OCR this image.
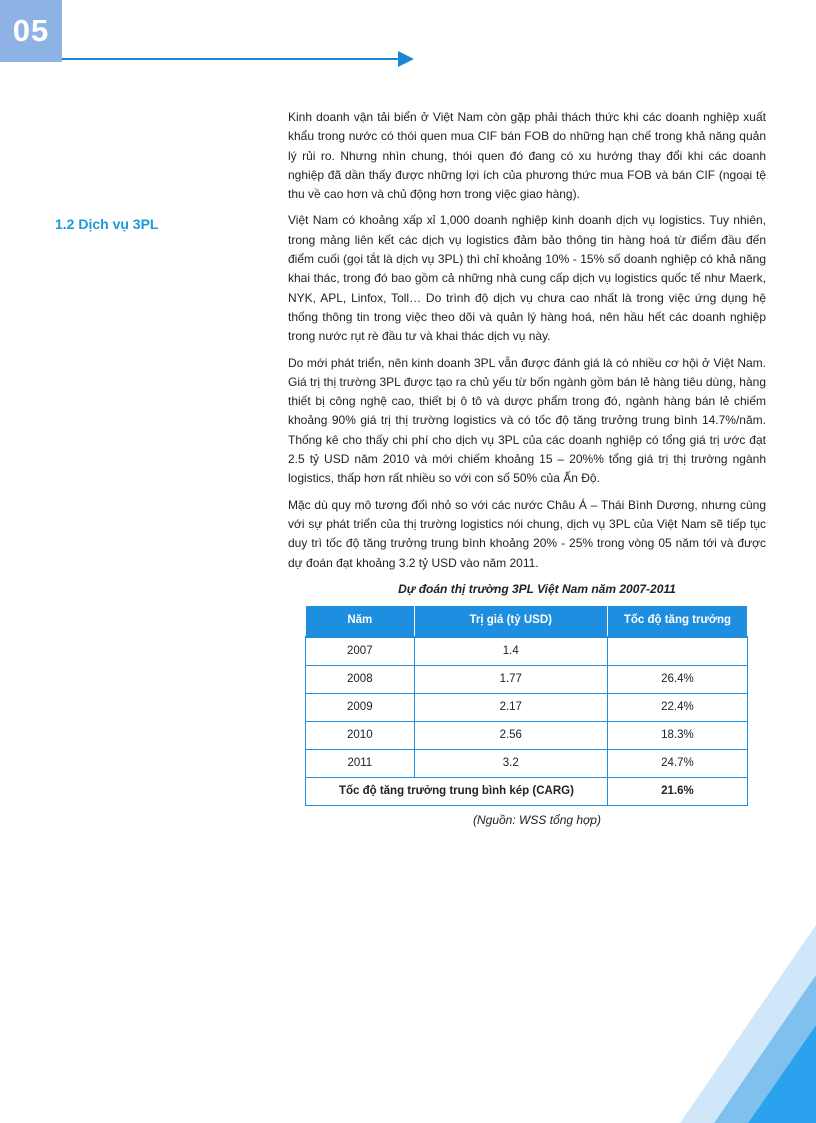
05
1.2 Dịch vụ 3PL

Kinh doanh vận tải biển ở Việt Nam còn gặp phải thách thức khi các doanh nghiệp xuất khẩu trong nước có thói quen mua CIF bán FOB do những hạn chế trong khả năng quản lý rủi ro. Nhưng nhìn chung, thói quen đó đang có xu hướng thay đổi khi các doanh nghiệp đã dần thấy được những lợi ích của phương thức mua FOB và bán CIF (ngoại tệ thu về cao hơn và chủ động hơn trong việc giao hàng).

Việt Nam có khoảng xấp xỉ 1,000 doanh nghiệp kinh doanh dịch vụ logistics. Tuy nhiên, trong mảng liên kết các dịch vụ logistics đảm bảo thông tin hàng hoá từ điểm đầu đến điểm cuối (gọi tắt là dịch vụ 3PL) thì chỉ khoảng 10% - 15% số doanh nghiệp có khả năng khai thác, trong đó bao gồm cả những nhà cung cấp dịch vụ logistics quốc tế như Maerk, NYK, APL, Linfox, Toll… Do trình độ dịch vụ chưa cao nhất là trong việc ứng dụng hệ thống thông tin trong việc theo dõi và quản lý hàng hoá, nên hầu hết các doanh nghiệp trong nước rụt rè đầu tư và khai thác dịch vụ này.

Do mới phát triển, nên kinh doanh 3PL vẫn được đánh giá là có nhiều cơ hội ở Việt Nam. Giá trị thị trường 3PL được tạo ra chủ yếu từ bốn ngành gồm bán lẻ hàng tiêu dùng, hàng thiết bị công nghệ cao, thiết bị ô tô và dược phẩm trong đó, ngành hàng bán lẻ chiếm khoảng 90% giá trị thị trường logistics và có tốc độ tăng trưởng trung bình 14.7%/năm. Thống kê cho thấy chi phí cho dịch vụ 3PL của các doanh nghiệp có tổng giá trị ước đạt 2.5 tỷ USD năm 2010 và mới chiếm khoảng 15 – 20%% tổng giá trị thị trường ngành logistics, thấp hơn rất nhiều so với con số 50% của Ấn Độ.

Mặc dù quy mô tương đối nhỏ so với các nước Châu Á – Thái Bình Dương, nhưng cùng với sự phát triển của thị trường logistics nói chung, dịch vụ 3PL của Việt Nam sẽ tiếp tục duy trì tốc độ tăng trưởng trung bình khoảng 20% - 25% trong vòng 05 năm tới và được dự đoán đạt khoảng 3.2 tỷ USD vào năm 2011.

Dự đoán thị trường 3PL Việt Nam năm 2007-2011
Năm	Trị giá (tỷ USD)	Tốc độ tăng trưởng
2007	1.4	
2008	1.77	26.4%
2009	2.17	22.4%
2010	2.56	18.3%
2011	3.2	24.7%
Tốc độ tăng trưởng trung bình kép (CARG)		21.6%
(Nguồn: WSS tổng hợp)
